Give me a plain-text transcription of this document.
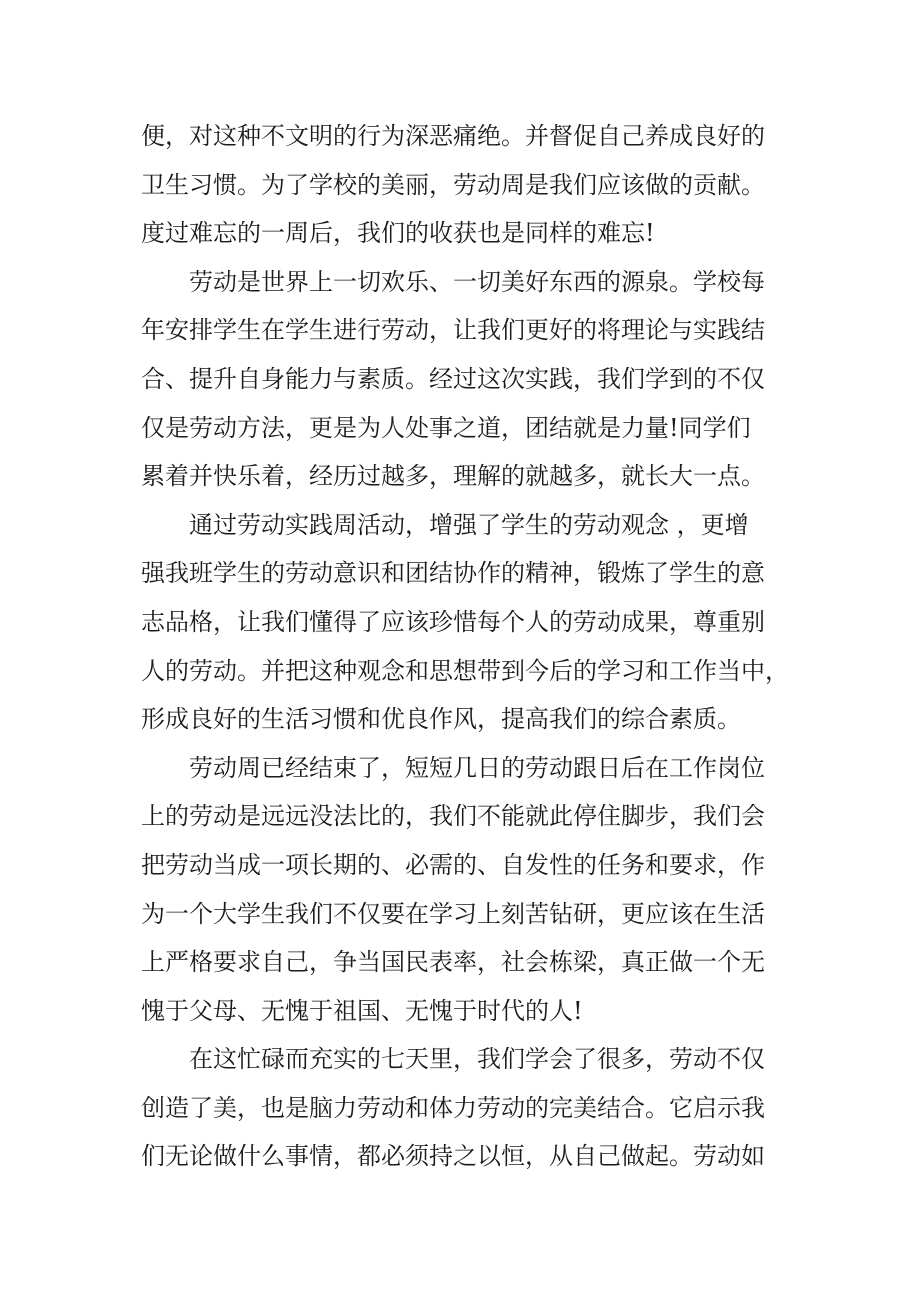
便，对这种不文明的行为深恶痛绝。并督促自己养成良好的
卫生习惯。为了学校的美丽，劳动周是我们应该做的贡献。
度过难忘的一周后，我们的收获也是同样的难忘!
劳动是世界上一切欢乐、一切美好东西的源泉。学校每
年安排学生在学生进行劳动，让我们更好的将理论与实践结
合、提升自身能力与素质。经过这次实践，我们学到的不仅
仅是劳动方法，更是为人处事之道，团结就是力量!同学们
累着并快乐着，经历过越多，理解的就越多，就长大一点。
通过劳动实践周活动，增强了学生的劳动观念 ，更增
强我班学生的劳动意识和团结协作的精神，锻炼了学生的意
志品格，让我们懂得了应该珍惜每个人的劳动成果，尊重别
人的劳动。并把这种观念和思想带到今后的学习和工作当中，
形成良好的生活习惯和优良作风，提高我们的综合素质。
劳动周已经结束了，短短几日的劳动跟日后在工作岗位
上的劳动是远远没法比的，我们不能就此停住脚步，我们会
把劳动当成一项长期的、必需的、自发性的任务和要求，作
为一个大学生我们不仅要在学习上刻苦钻研，更应该在生活
上严格要求自己，争当国民表率，社会栋梁，真正做一个无
愧于父母、无愧于祖国、无愧于时代的人!
在这忙碌而充实的七天里，我们学会了很多，劳动不仅
创造了美，也是脑力劳动和体力劳动的完美结合。它启示我
们无论做什么事情，都必须持之以恒，从自己做起。劳动如
